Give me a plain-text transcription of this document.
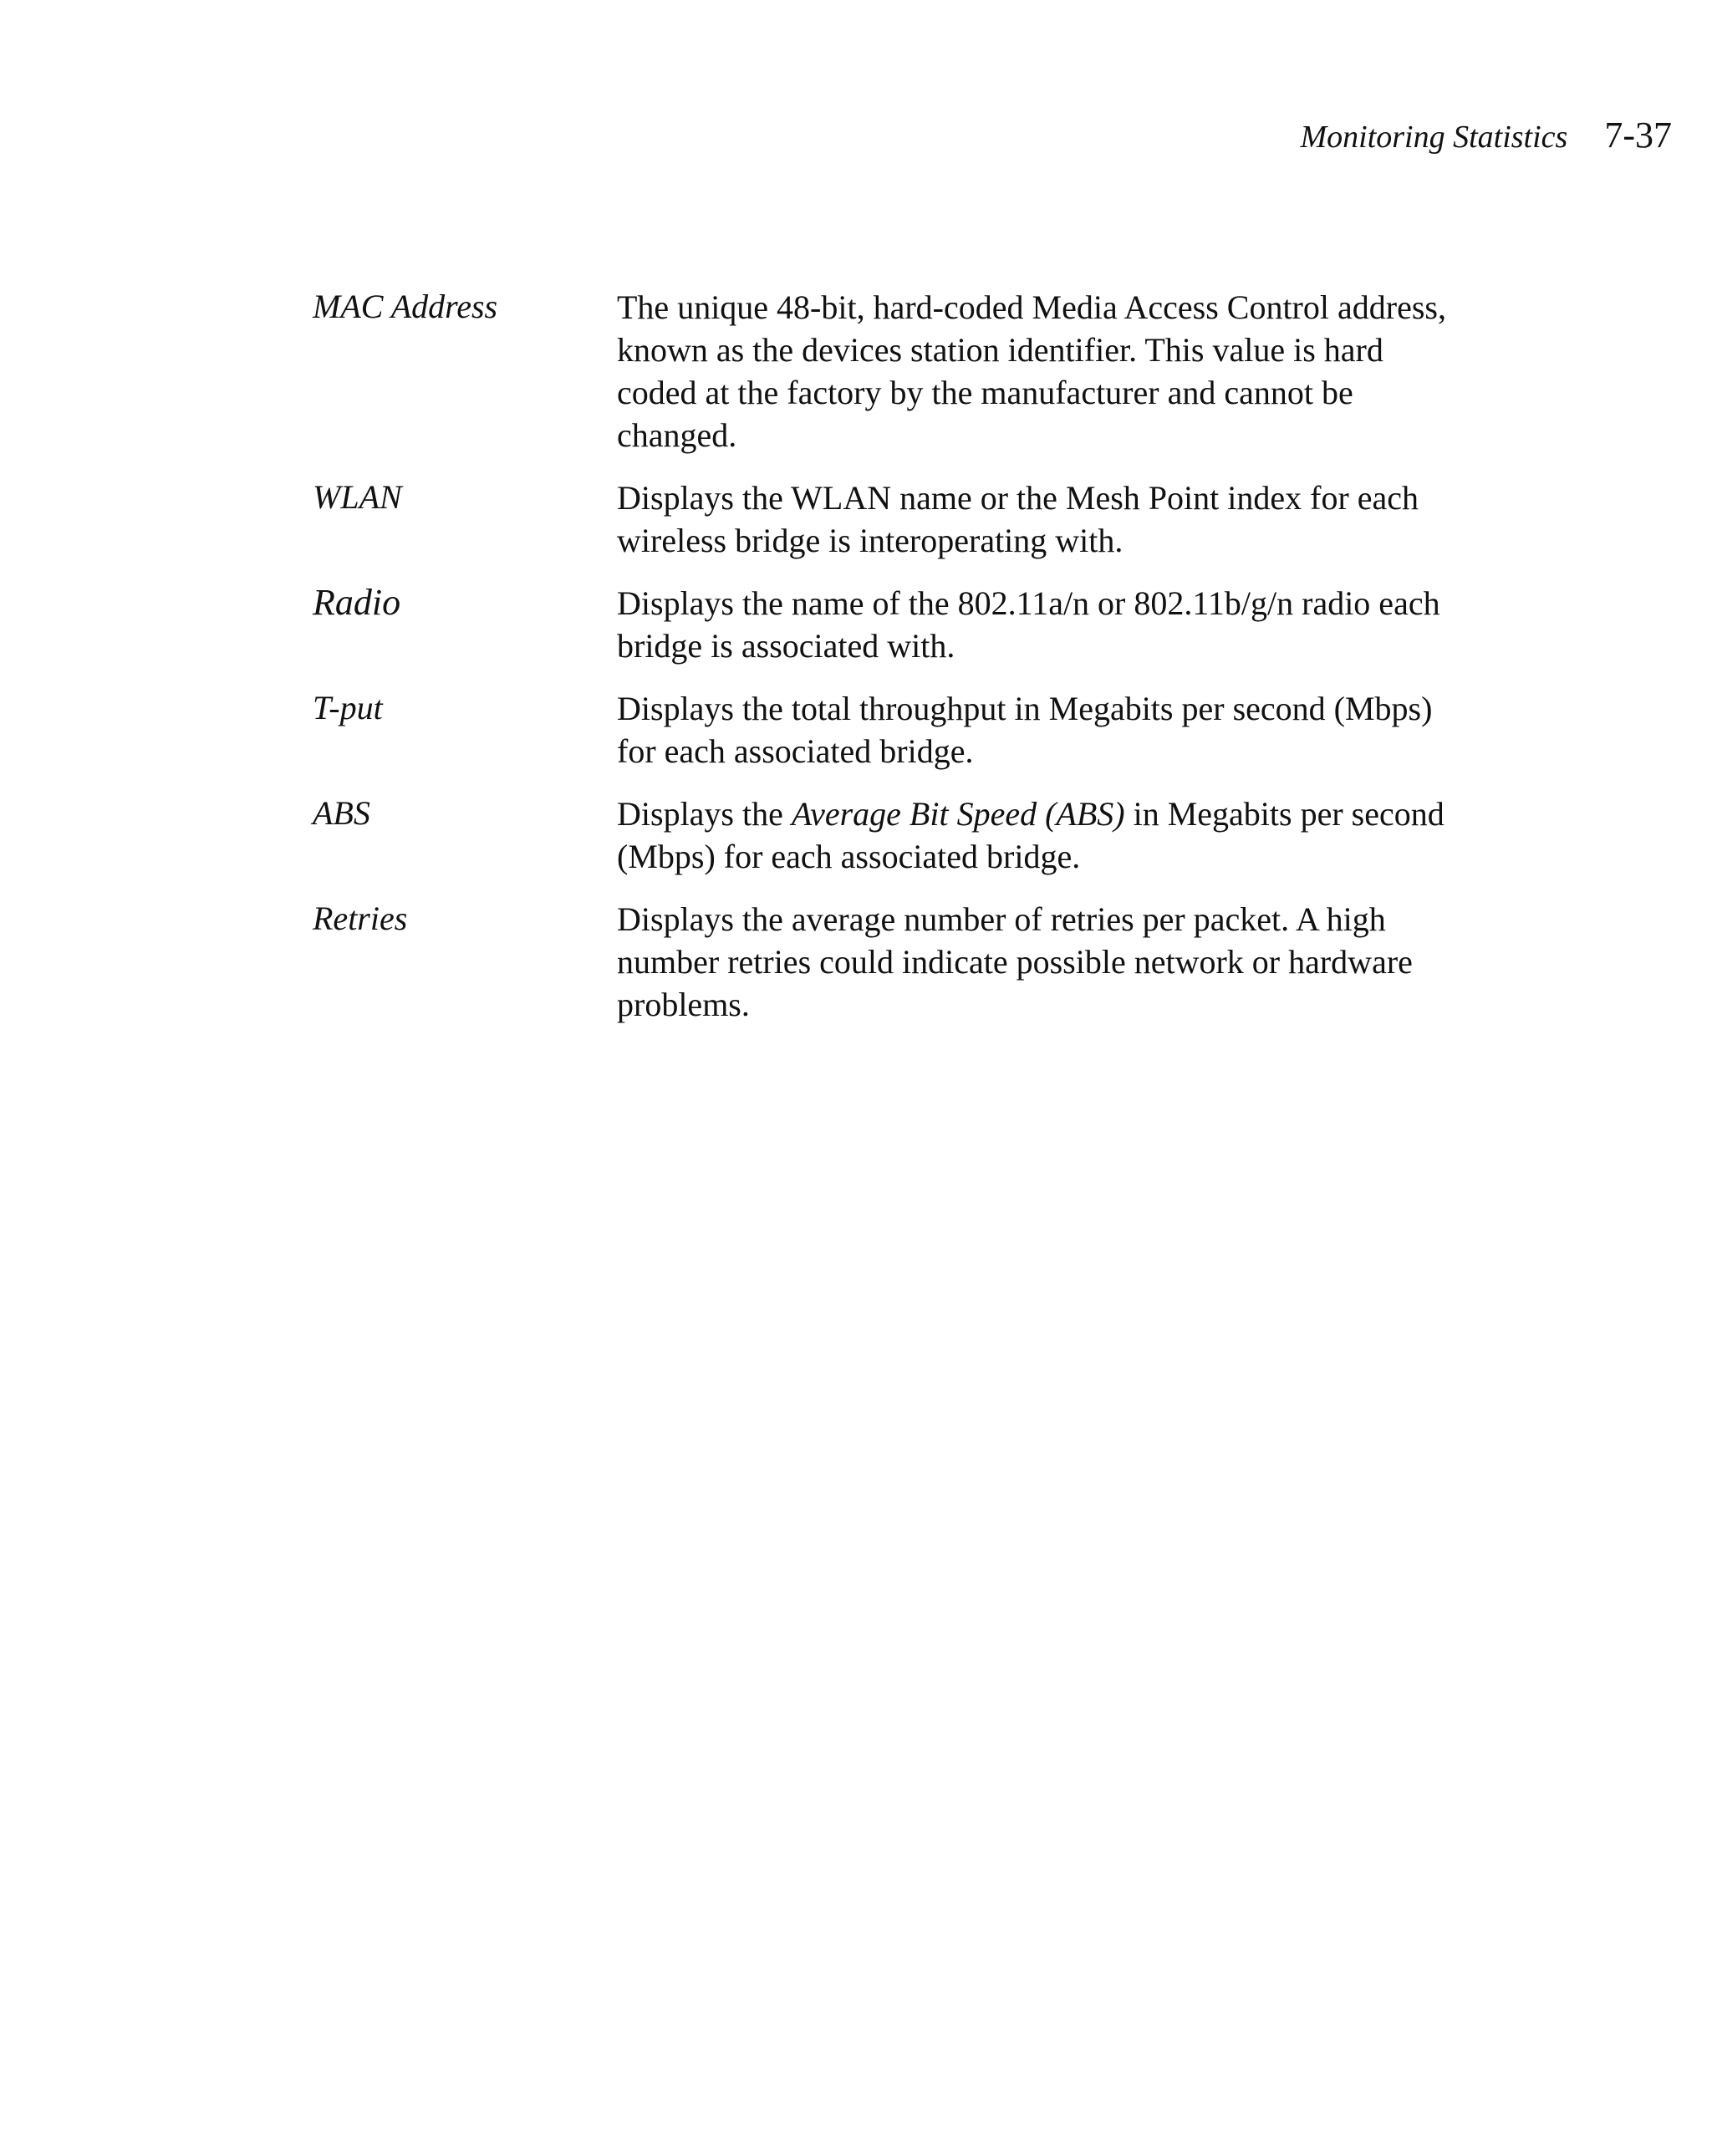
Monitoring Statistics 7-37
MAC Address	The unique 48-bit, hard-coded Media Access Control address, known as the devices station identifier. This value is hard coded at the factory by the manufacturer and cannot be changed.
WLAN	Displays the WLAN name or the Mesh Point index for each wireless bridge is interoperating with.
Radio	Displays the name of the 802.11a/n or 802.11b/g/n radio each bridge is associated with.
T-put	Displays the total throughput in Megabits per second (Mbps) for each associated bridge.
ABS	Displays the Average Bit Speed (ABS) in Megabits per second (Mbps) for each associated bridge.
Retries	Displays the average number of retries per packet. A high number retries could indicate possible network or hardware problems.
